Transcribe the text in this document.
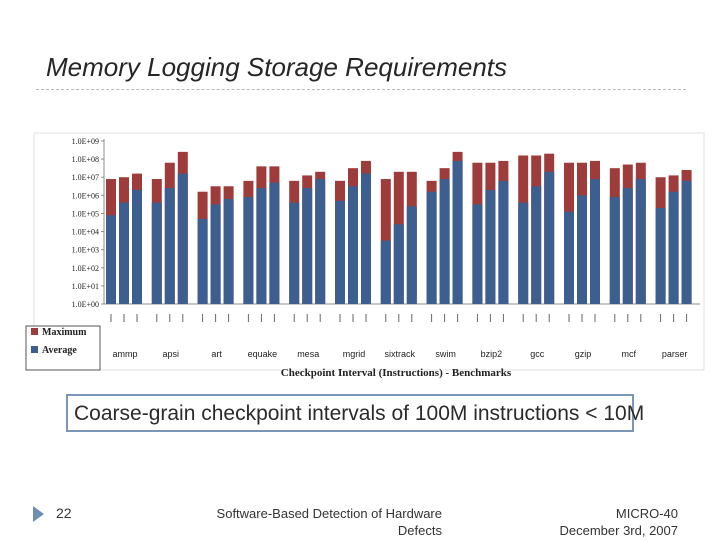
Memory Logging Storage Requirements
1.0E+00
1.0E+01
1.0E+02
1.0E+03
1.0E+04
1.0E+05
1.0E+06
1.0E+07
1.0E+08
1.0E+09
ammp	apsi	art	equake mesa	mgrid sixtrack swim	bzip2	gcc	gzip	mcf	parser
Maximum
Average
Checkpoint Interval (Instructions) - Benchmarks
Coarse-grain checkpoint intervals of 100M instructions < 10M
22	Software-Based Detection of Hardware
Defects
MICRO-40
December 3rd, 2007
